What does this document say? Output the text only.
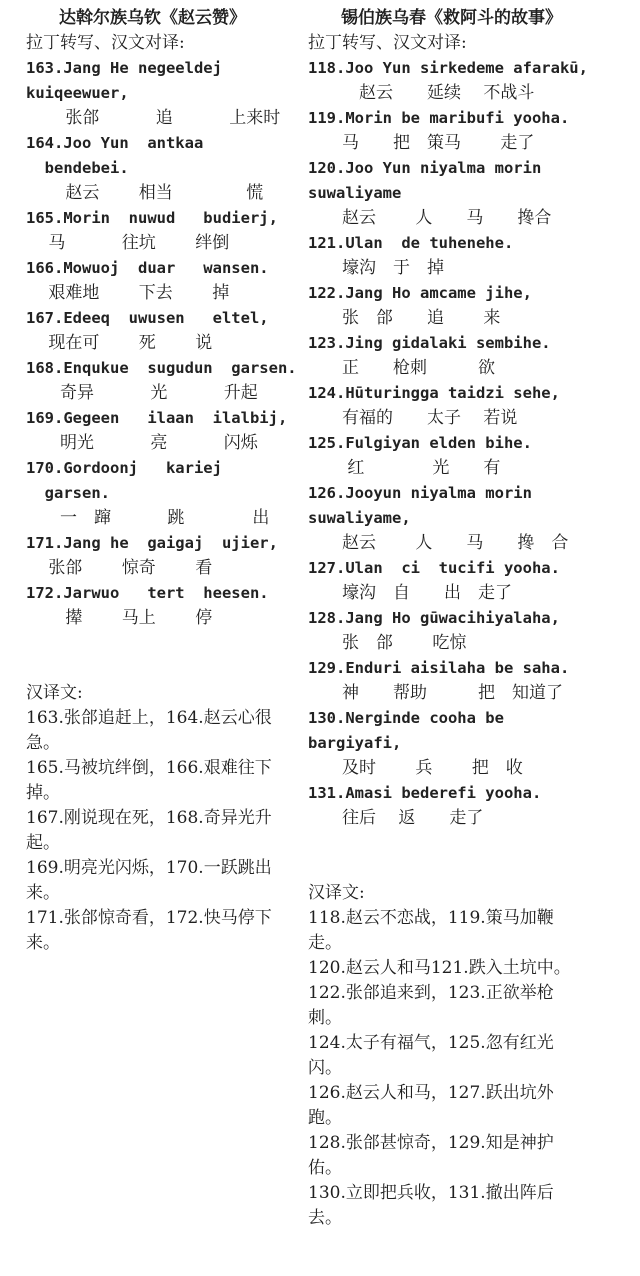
达斡尔族乌钦《赵云赞》
拉丁转写、汉文对译:
163.Jang He negeeldej
kuiqeewuer,
　　 张郃　　　 追　　　 上来时
164.Joo Yun  antkaa
bendebei.
　　 赵云　　 相当　　　　 慌
165.Morin  nuwud   budierj,
　 马　　　 往坑　　 绊倒
166.Mowuoj  duar   wansen.
　 艰难地　　 下去　　 掉
167.Edeeq  uwusen   eltel,
　 现在可　　 死　　 说
168.Enqukue  sugudun  garsen.
　　奇异　　　 光　　　 升起
169.Gegeen   ilaan  ilalbij,
　　明光　　　 亮　　　 闪烁
170.Gordoonj   kariej
garsen.
　　一　蹿　　　 跳　　　　出
171.Jang he  gaigaj  ujier,
　 张郃　　 惊奇　　 看
172.Jarwuo   tert  heesen.
　　 撵　　 马上　　 停
汉译文:
163.张郃追赶上，164.赵云心很
急。
165.马被坑绊倒，166.艰难往下
掉。
167.刚说现在死，168.奇异光升
起。
169.明亮光闪烁，170.一跃跳出
来。
171.张郃惊奇看，172.快马停下
来。
锡伯族乌春《救阿斗的故事》
拉丁转写、汉文对译:
118.Joo Yun sirkedeme afarakū,
　　　赵云　　延续　 不战斗
119.Morin be maribufi yooha.
　　马　　把　策马　　 走了
120.Joo Yun niyalma morin
suwaliyame
　　赵云　　 人　　马　　搀合
121.Ulan  de tuhenehe.
　　壕沟　于　掉
122.Jang Ho amcame jihe,
　　张　郃　　追　　 来
123.Jing gidalaki sembihe.
　　正　　枪刺　　　欲
124.Hūturingga taidzi sehe,
　　有福的　　太子　 若说
125.Fulgiyan elden bihe.
　　 红　　　　光　　有
126.Jooyun niyalma morin
suwaliyame,
　　赵云　　 人　　马　　搀　合
127.Ulan  ci  tucifi yooha.
　　壕沟　自　　出　走了
128.Jang Ho gūwacihiyalaha,
　　张　郃　　 吃惊
129.Enduri aisilaha be saha.
　　神　　帮助　　　把　知道了
130.Nerginde cooha be
bargiyafi,
　　及时　　 兵　　 把　收
131.Amasi bederefi yooha.
　　往后　 返　　走了
汉译文:
118.赵云不恋战，119.策马加鞭
走。
120.赵云人和马121.跌入土坑中。
122.张郃追来到，123.正欲举枪
刺。
124.太子有福气，125.忽有红光
闪。
126.赵云人和马，127.跃出坑外
跑。
128.张郃甚惊奇，129.知是神护
佑。
130.立即把兵收，131.撤出阵后
去。
